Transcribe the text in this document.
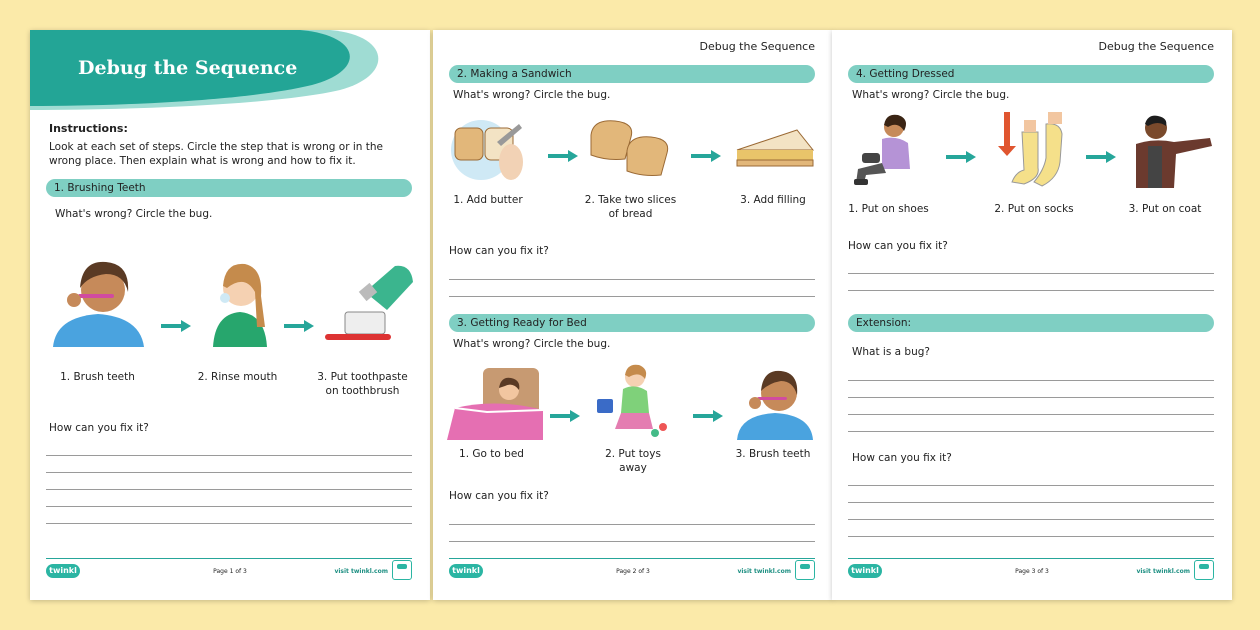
Debug the Sequence
Instructions:
Look at each set of steps. Circle the step that is wrong or in the wrong place. Then explain what is wrong and how to fix it.
1. Brushing Teeth
What's wrong? Circle the bug.
1. Brush teeth	2. Rinse mouth	3. Put toothpaste on toothbrush
How can you fix it?
twinkl	Page 1 of 3	visit twinkl.com
Debug the Sequence
2. Making a Sandwich
What's wrong? Circle the bug.
1. Add butter	2. Take two slices of bread
3. Add filling
How can you fix it?
3. Getting Ready for Bed
What's wrong? Circle the bug.
1. Go to bed	2. Put toys away
3. Brush teeth
How can you fix it?
twinkl	Page 2 of 3	visit twinkl.com
Debug the Sequence
4. Getting Dressed
What's wrong? Circle the bug.
1. Put on shoes	2. Put on socks	3. Put on coat
How can you fix it?
Extension:
What is a bug?
How can you fix it?
twinkl	Page 3 of 3	visit twinkl.com
